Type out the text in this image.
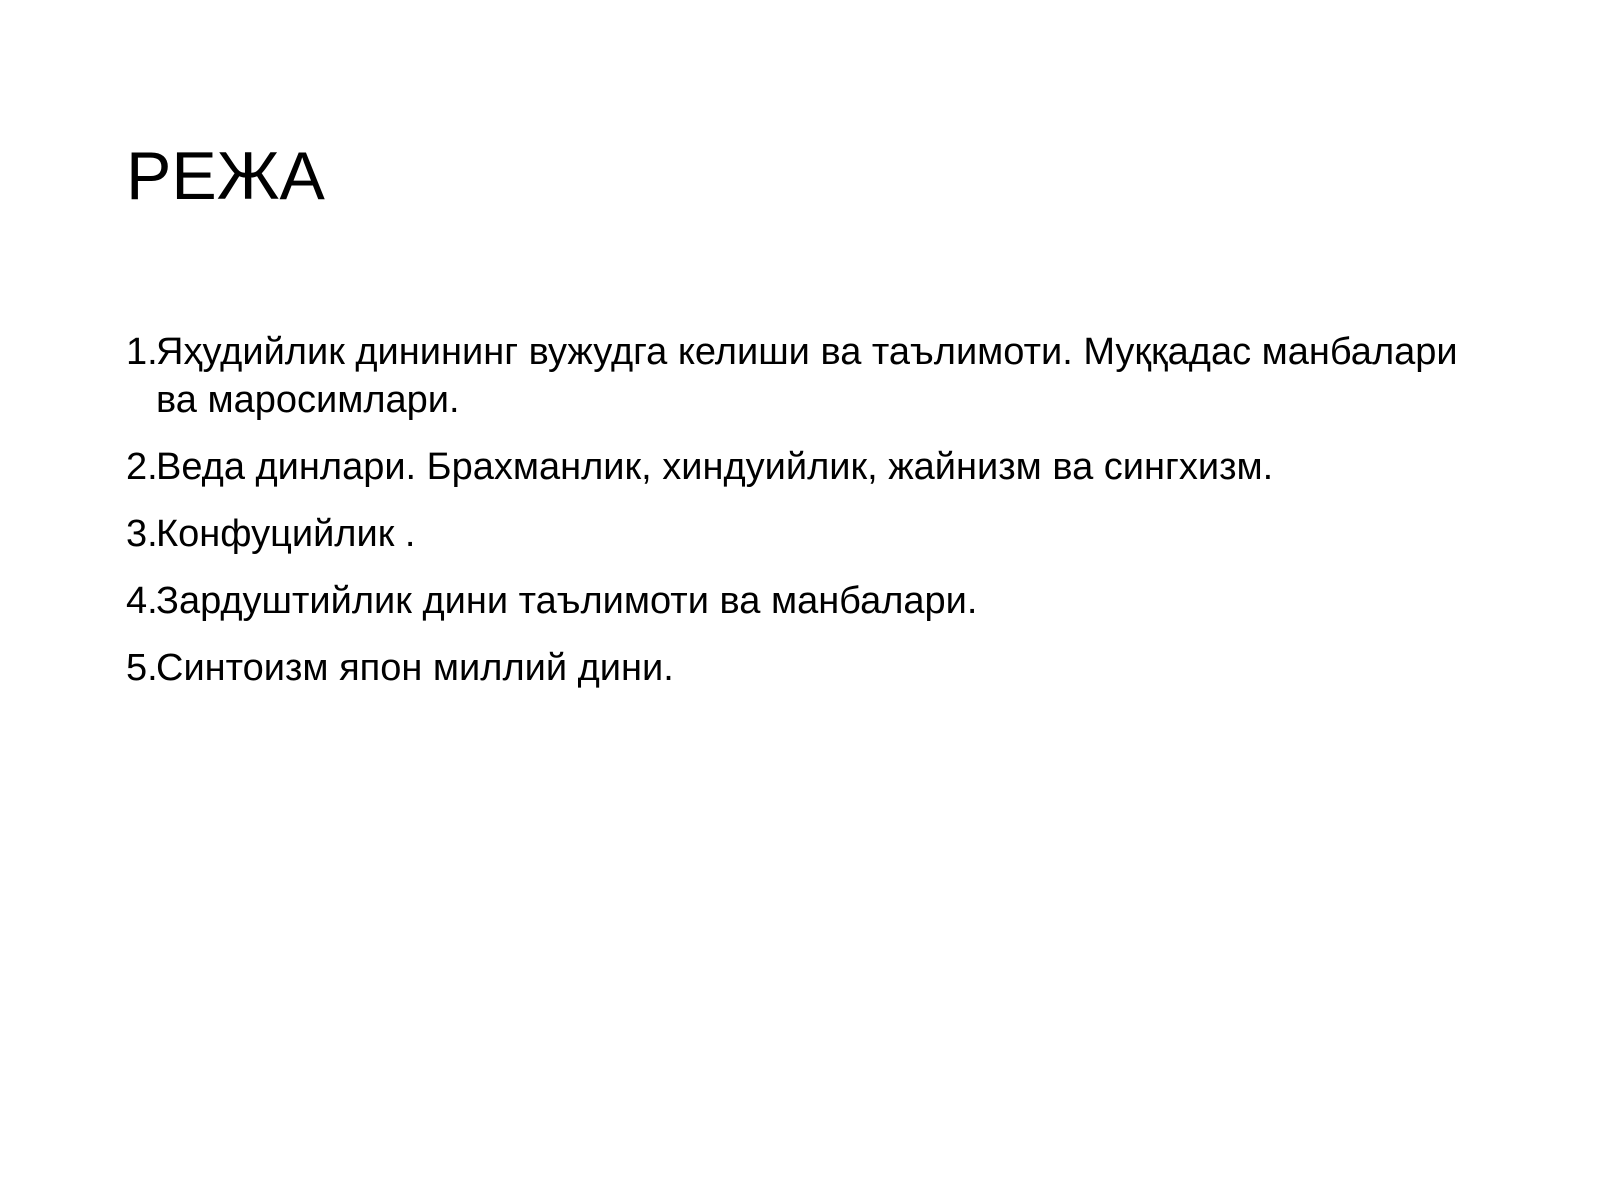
РЕЖА
1.
Яҳудийлик динининг вужудга келиши ва таълимоти. Муққадас манбалари ва маросимлари.
2.
Веда динлари. Брахманлик, хиндуийлик, жайнизм ва сингхизм.
3.
Конфуцийлик .
4.
Зардуштийлик дини таълимоти ва манбалари.
5.
Синтоизм япон миллий дини.
